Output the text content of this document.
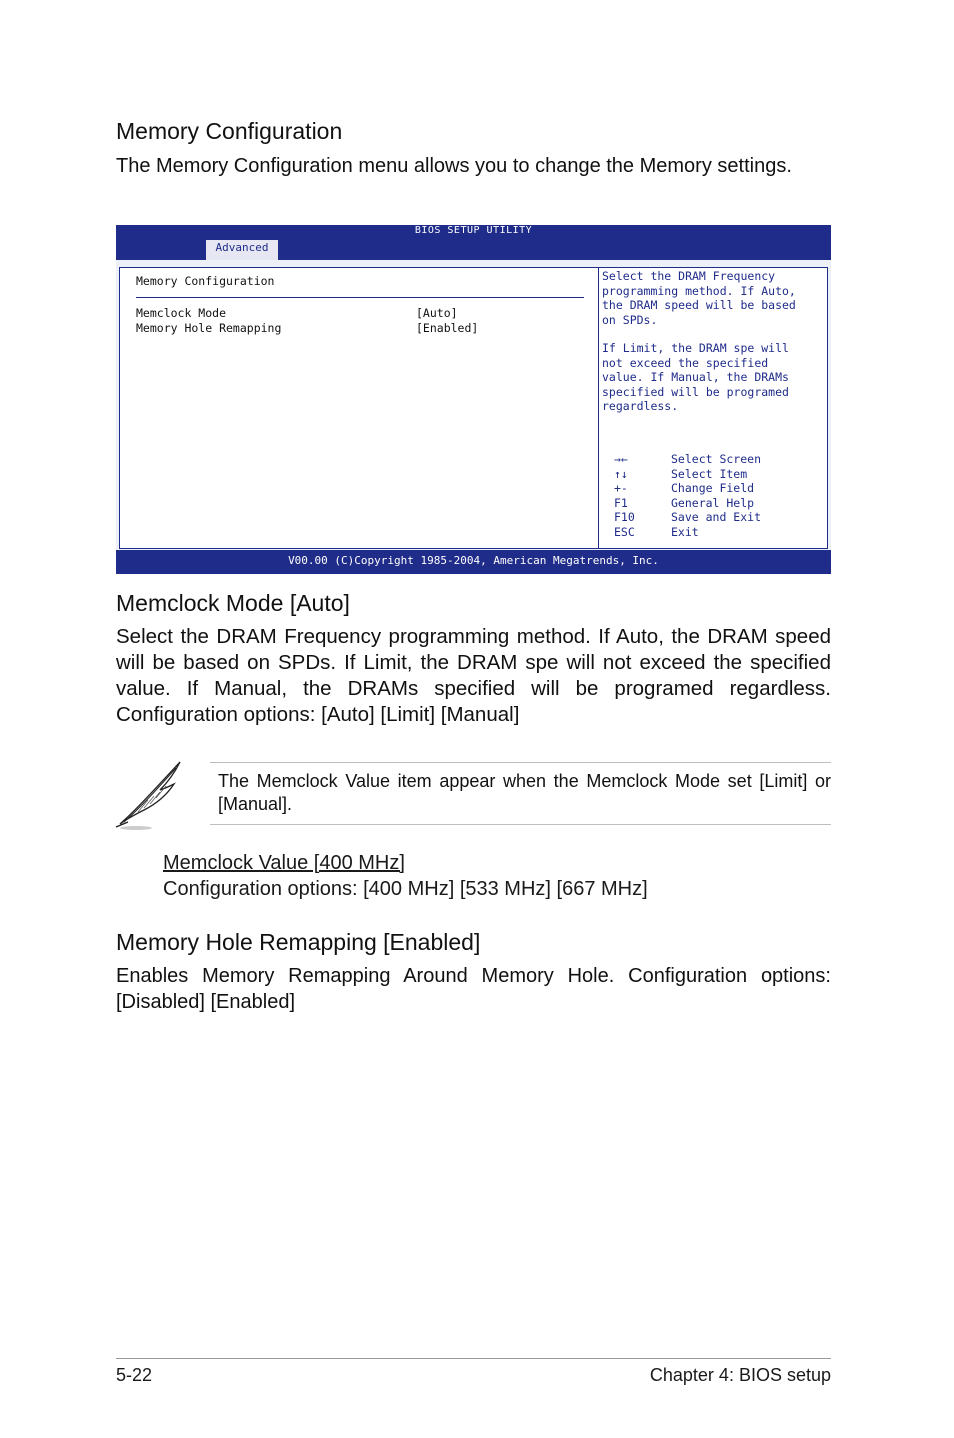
Memory Configuration
The Memory Configuration menu allows you to change the Memory settings.
BIOS SETUP UTILITY
Advanced
Memory Configuration
Memclock Mode	[Auto]
Memory Hole Remapping	[Enabled]
Select the DRAM Frequency
programming method. If Auto,
the DRAM speed will be based
on SPDs.
If Limit, the DRAM spe will
not exceed the specified
value. If Manual, the DRAMs
specified will be programed
regardless.
→←	Select Screen
↑↓	Select Item
+-	Change Field
F1	General Help
F10	Save and Exit
ESC	Exit
V00.00 (C)Copyright 1985-2004, American Megatrends, Inc.
Memclock Mode [Auto]
Select the DRAM Frequency programming method. If Auto, the DRAM speed will be based on SPDs. If Limit, the DRAM spe will not exceed the specified value. If Manual, the DRAMs specified will be programed regardless. Configuration options: [Auto] [Limit] [Manual]
The Memclock Value item appear when the Memclock Mode set [Limit] or [Manual].
Memclock Value [400 MHz]
Configuration options: [400 MHz] [533 MHz] [667 MHz]
Memory Hole Remapping [Enabled]
Enables Memory Remapping Around Memory Hole. Configuration options: [Disabled] [Enabled]
5-22	Chapter 4: BIOS setup
